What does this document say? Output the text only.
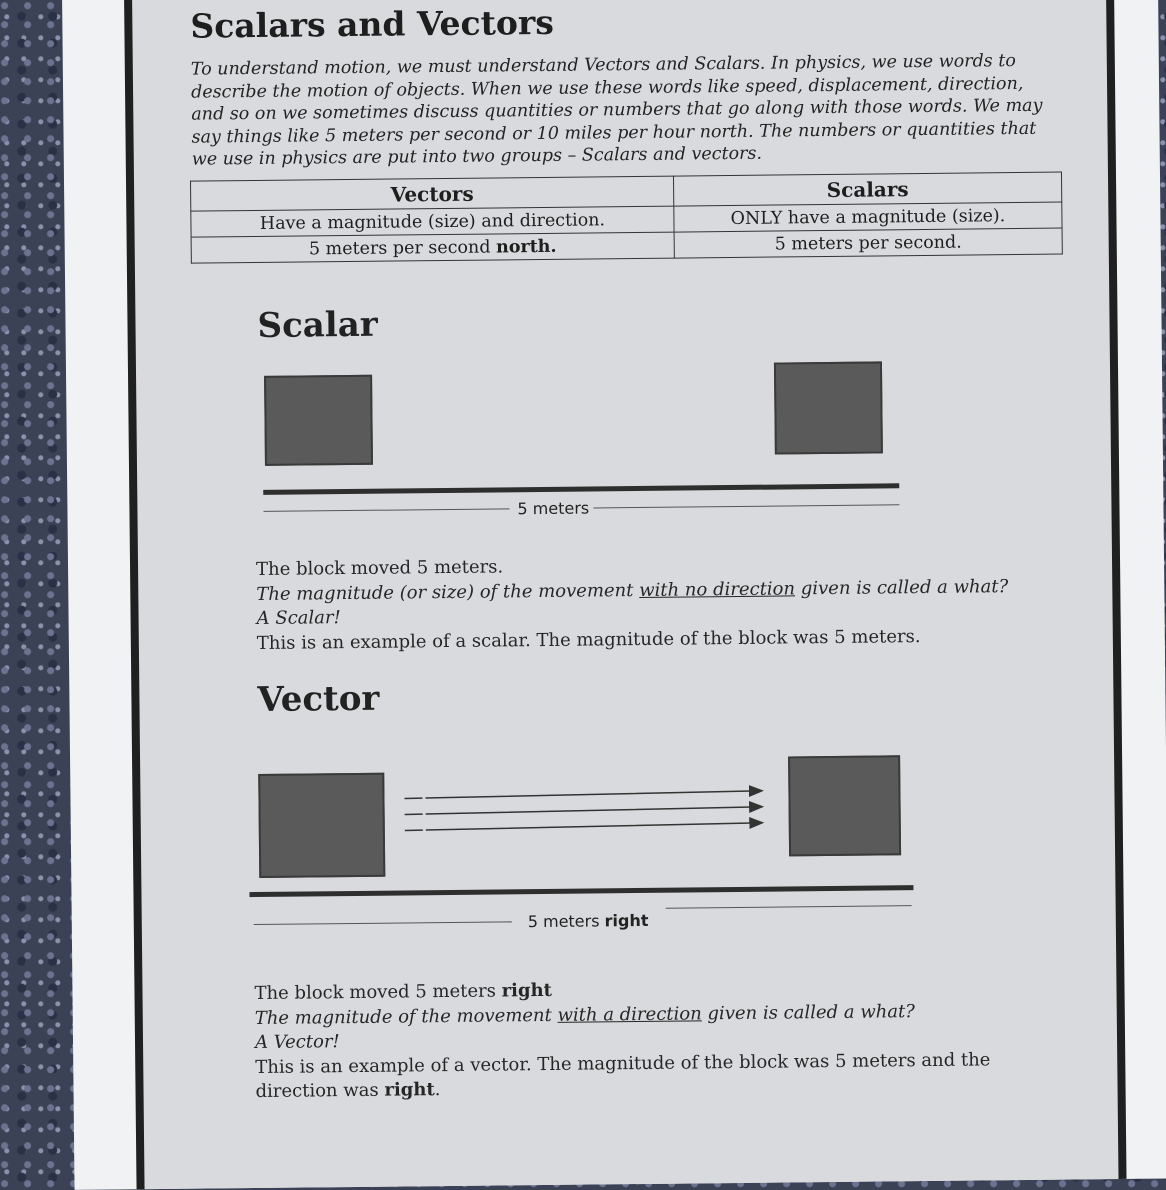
Scalars and Vectors

To understand motion, we must understand Vectors and Scalars. In physics, we use words to describe the motion of objects. When we use these words like speed, displacement, direction, and so on we sometimes discuss quantities or numbers that go along with those words. We may say things like 5 meters per second or 10 miles per hour north. The numbers or quantities that we use in physics are put into two groups – Scalars and vectors.

Vectors	Scalars
Have a magnitude (size) and direction.	ONLY have a magnitude (size).
5 meters per second north.	5 meters per second.
Scalar
5 meters

The block moved 5 meters.

The magnitude (or size) of the movement with no direction given is called a what?

A Scalar!

This is an example of a scalar. The magnitude of the block was 5 meters.

Vector
5 meters right

The block moved 5 meters right

The magnitude of the movement with a direction given is called a what?

A Vector!

This is an example of a vector. The magnitude of the block was 5 meters and the direction was right.
